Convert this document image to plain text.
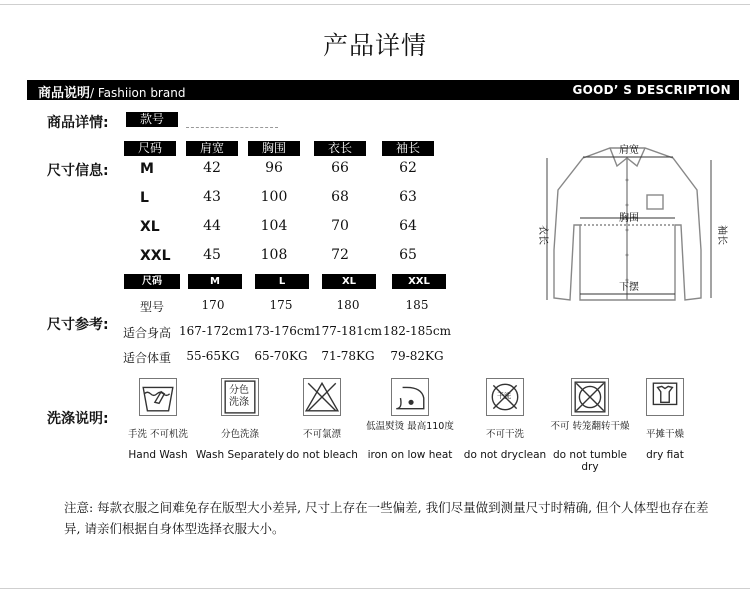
产品详情
商品说明/ Fashiion brand	GOOD’ S DESCRIPTION
商品详情:	款号
尺寸信息:
尺码	肩宽	胸围	衣长	袖长
M	42	96	66	62
L	43	100	68	63
XL	44	104	70	64
XXL	45	108	72	65
尺寸参考:
尺码	M	L	XL	XXL
型号	170	175	180	185
适合身高 167-172cm 173-176cm 177-181cm 182-185cm
适合体重	55-65KG	65-70KG	71-78KG	79-82KG
肩宽
胸围
下摆
衣长	袖长
洗涤说明:
手洗 不可机洗
Hand Wash
分色洗涤
分色洗涤
Wash Separately
不可氯漂
do not bleach
低温熨烫 最高110度
iron on low heat
干洗
不可干洗
do not dryclean
不可 转笼翻转干燥
do not tumble dry
平摊干燥
dry fiat
注意: 每款衣服之间难免存在版型大小差异, 尺寸上存在一些偏差, 我们尽量做到测量尺寸时精确, 但个人体型也存在差异, 请亲们根据自身体型选择衣服大小。
